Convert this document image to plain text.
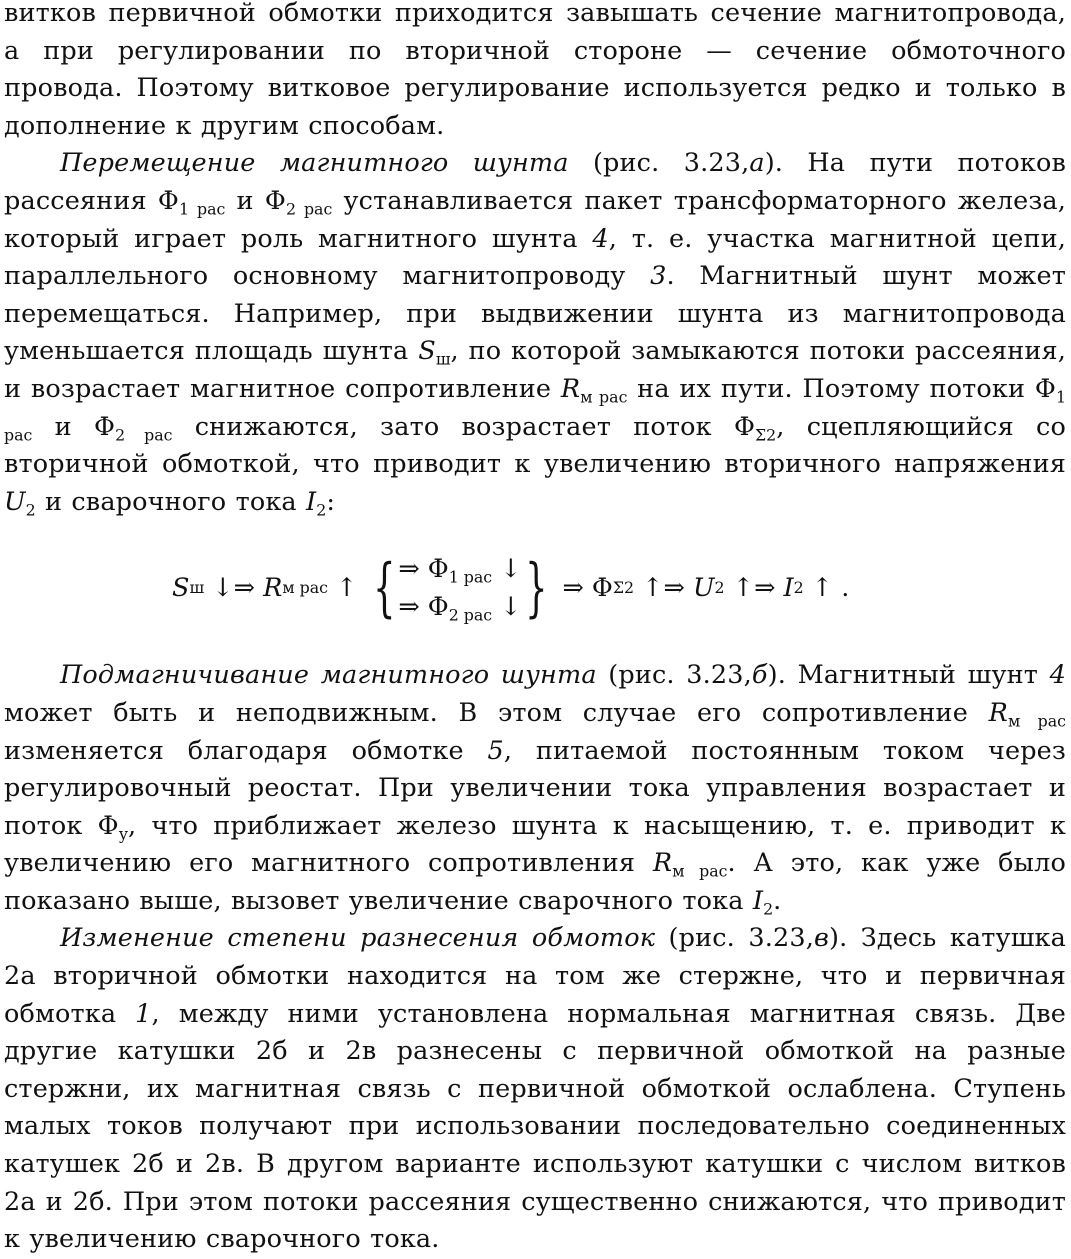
витков первичной обмотки приходится завышать сечение магнитопровода, а при регулировании по вторичной стороне — сечение обмоточного провода. Поэтому витковое регулирование используется редко и только в дополнение к другим способам.

Перемещение магнитного шунта (рис. 3.23,а). На пути потоков рассеяния $\Phi_{1 рас}$ и $\Phi_{2 рас}$ устанавливается пакет трансформаторного железа, который играет роль магнитного шунта 4, т. е. участка магнитной цепи, параллельного основному магнитопроводу 3. Магнитный шунт может перемещаться. Например, при выдвижении шунта из магнитопровода уменьшается площадь шунта $S_ш$, по которой замыкаются потоки рассеяния, и возрастает магнитное сопротивление $R_{м рас}$ на их пути. Поэтому потоки $\Phi_{1 рас}$ и $\Phi_{2 рас}$ снижаются, зато возрастает поток $\Phi_{\Sigma 2}$, сцепляющийся со вторичной обмоткой, что приводит к увеличению вторичного напряжения $U_2$ и сварочного тока $I_2$:

S ш ↓⇒ R м рас ↑ { ⇒ $\Phi_{1 рас}$ ↓
⇒ $\Phi_{2 рас}$ ↓ } ⇒ Φ Σ2 ↑⇒ U 2 ↑⇒ I 2 ↑ .

Подмагничивание магнитного шунта (рис. 3.23,б). Магнитный шунт 4 может быть и неподвижным. В этом случае его сопротивление $R_{м рас}$ изменяется благодаря обмотке 5, питаемой постоянным током через регулировочный реостат. При увеличении тока управления возрастает и поток $\Phi_у$, что приближает железо шунта к насыщению, т. е. приводит к увеличению его магнитного сопротивления $R_{м рас}$. А это, как уже было показано выше, вызовет увеличение сварочного тока $I_2$.

Изменение степени разнесения обмоток (рис. 3.23,в). Здесь катушка 2а вторичной обмотки находится на том же стержне, что и первичная обмотка 1, между ними установлена нормальная магнитная связь. Две другие катушки 2б и 2в разнесены с первичной обмоткой на разные стержни, их магнитная связь с первичной обмоткой ослаблена. Ступень малых токов получают при использовании последовательно соединенных катушек 2б и 2в. В другом варианте используют катушки с числом витков 2а и 2б. При этом потоки рассеяния существенно снижаются, что приводит к увеличению сварочного тока.
